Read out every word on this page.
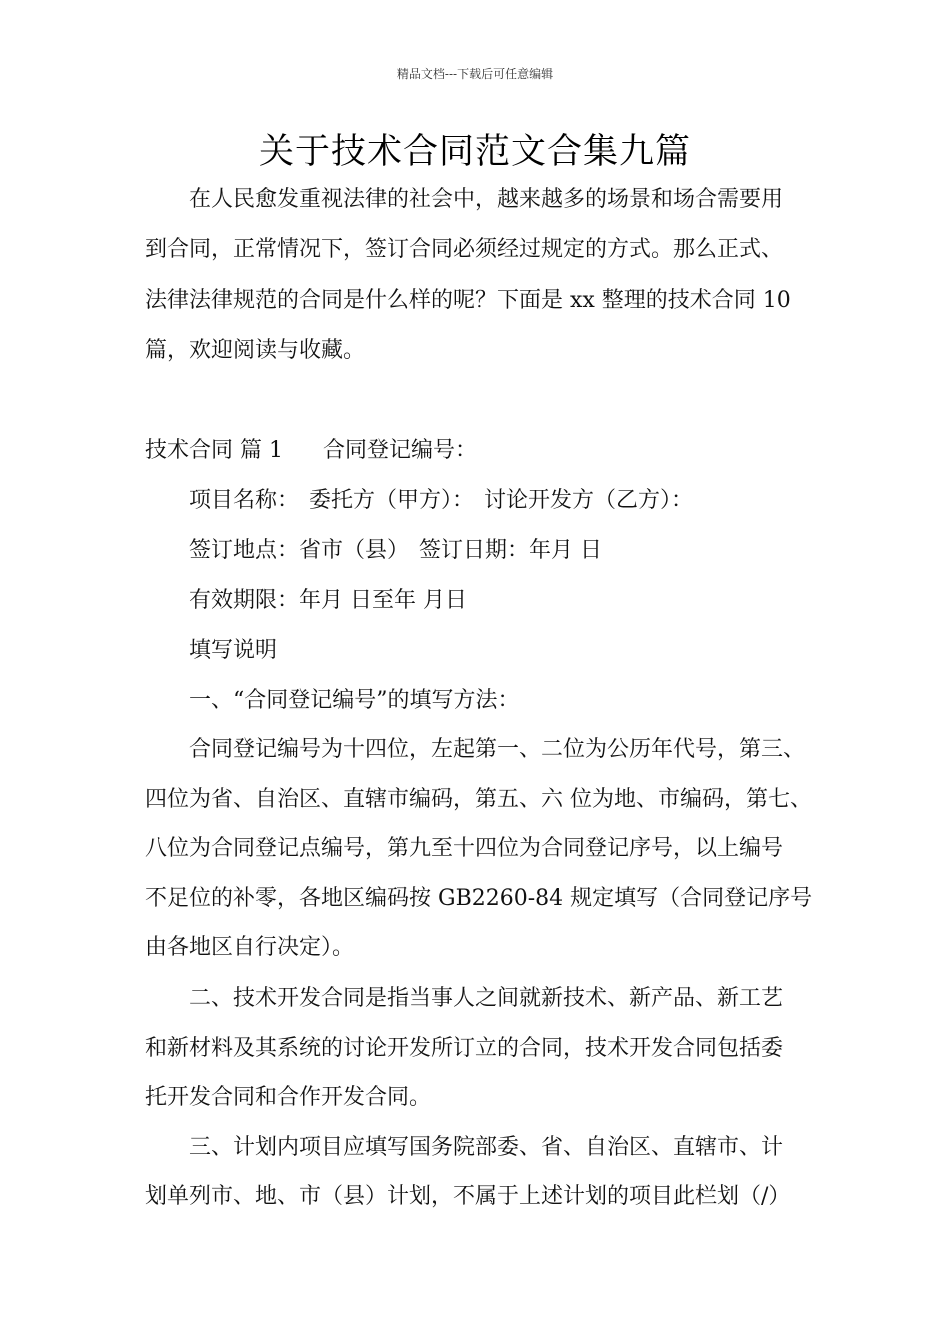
精品文档---下载后可任意编辑
关于技术合同范文合集九篇
在人民愈发重视法律的社会中，越来越多的场景和场合需要用
到合同，正常情况下，签订合同必须经过规定的方式。那么正式、
法律法律规范的合同是什么样的呢？下面是 xx 整理的技术合同 10
篇，欢迎阅读与收藏。
技术合同 篇 1 合同登记编号：
项目名称： 委托方（甲方）： 讨论开发方（乙方）：
签订地点：省市（县） 签订日期：年月 日
有效期限：年月 日至年 月日
填写说明
一、“合同登记编号”的填写方法：
合同登记编号为十四位，左起第一、二位为公历年代号，第三、
四位为省、自治区、直辖市编码，第五、六 位为地、市编码，第七、
八位为合同登记点编号，第九至十四位为合同登记序号，以上编号
不足位的补零，各地区编码按 GB2260-84 规定填写（合同登记序号
由各地区自行决定）。
二、技术开发合同是指当事人之间就新技术、新产品、新工艺
和新材料及其系统的讨论开发所订立的合同，技术开发合同包括委
托开发合同和合作开发合同。
三、计划内项目应填写国务院部委、省、自治区、直辖市、计
划单列市、地、市（县）计划，不属于上述计划的项目此栏划（/）
